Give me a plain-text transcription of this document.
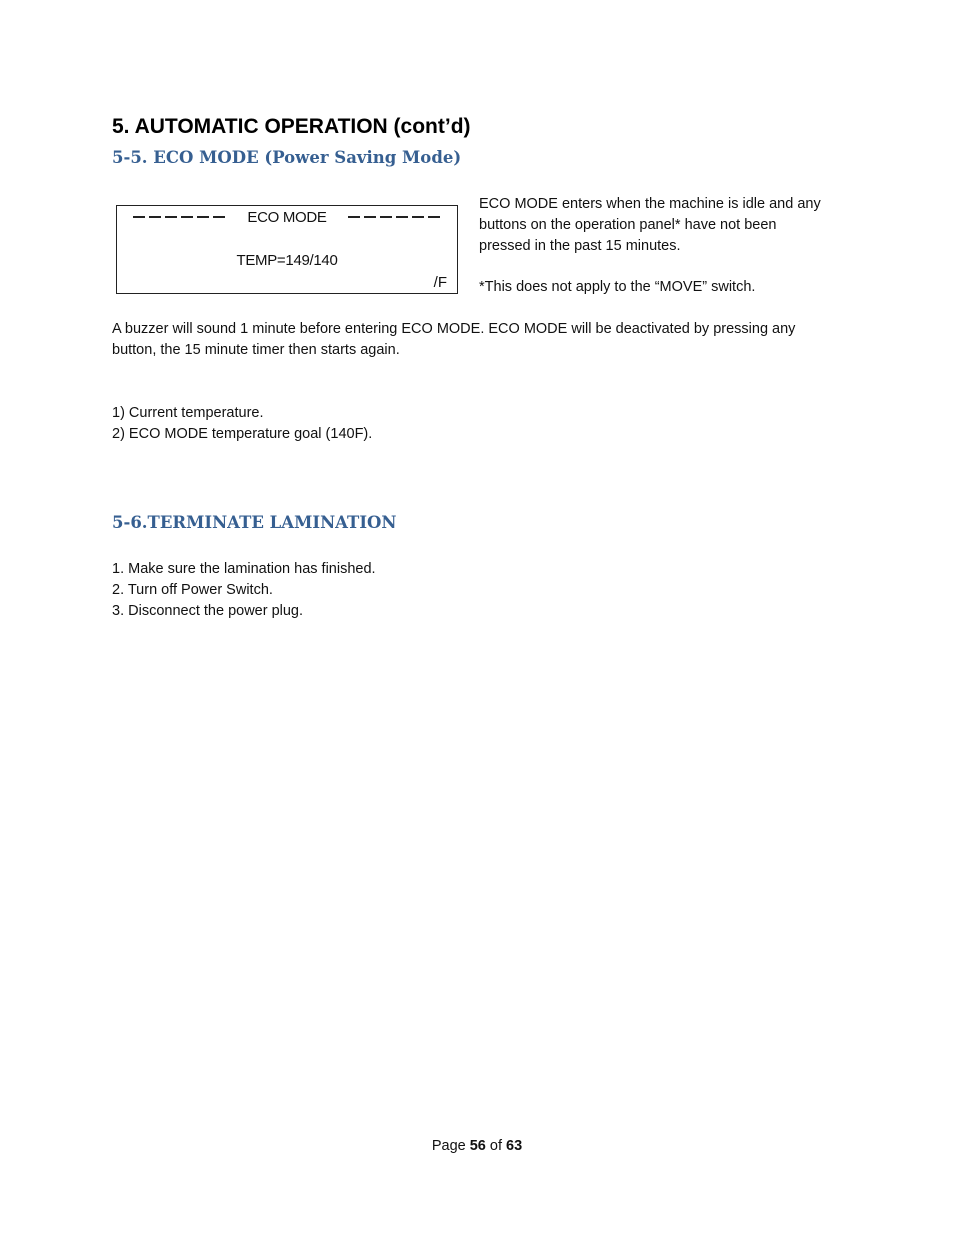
5. AUTOMATIC OPERATION (cont’d)
5-5. ECO MODE (Power Saving Mode)
ECO MODE
TEMP=149/140
/F
ECO MODE enters when the machine is idle and any
buttons on the operation panel* have not been
pressed in the past 15 minutes.
*This does not apply to the “MOVE” switch.
A buzzer will sound 1 minute before entering ECO MODE. ECO MODE will be deactivated by pressing any
button, the 15 minute timer then starts again.
1) Current temperature.
2) ECO MODE temperature goal (140F).
5-6.TERMINATE LAMINATION
1. Make sure the lamination has finished.
2. Turn off Power Switch.
3. Disconnect the power plug.
Page 56 of 63
